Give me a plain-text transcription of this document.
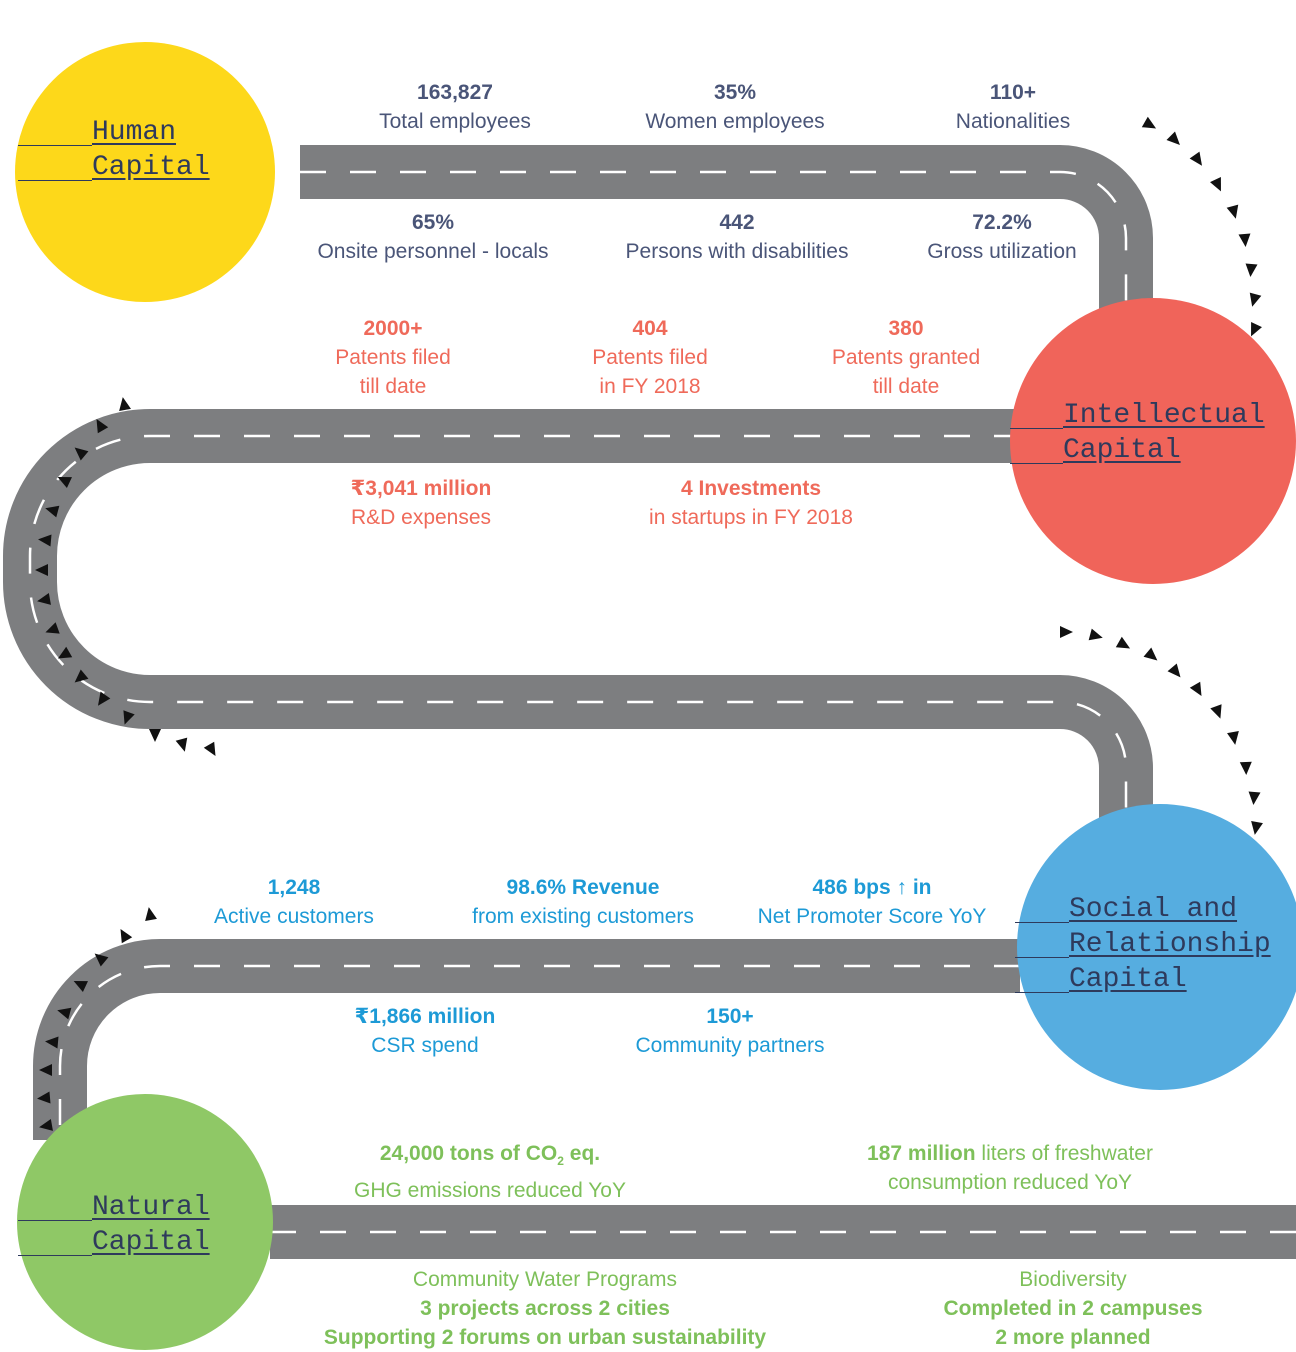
Human
Capital
Intellectual
Capital
Social and
Relationship
Capital
Natural
Capital
163,827
Total employees
35%
Women employees
110+
Nationalities
65%
Onsite personnel - locals
442
Persons with disabilities
72.2%
Gross utilization
2000+
Patents filed
till date
404
Patents filed
in FY 2018
380
Patents granted
till date
₹3,041 million
R&D expenses
4 Investments
in startups in FY 2018
1,248
Active customers
98.6% Revenue
from existing customers
486 bps ↑ in
Net Promoter Score YoY
₹1,866 million
CSR spend
150+
Community partners
24,000 tons of $CO_2$ eq.
GHG emissions reduced YoY
187 million liters of freshwater
consumption reduced YoY
Community Water Programs
3 projects across 2 cities
Supporting 2 forums on urban sustainability
Biodiversity
Completed in 2 campuses
2 more planned
